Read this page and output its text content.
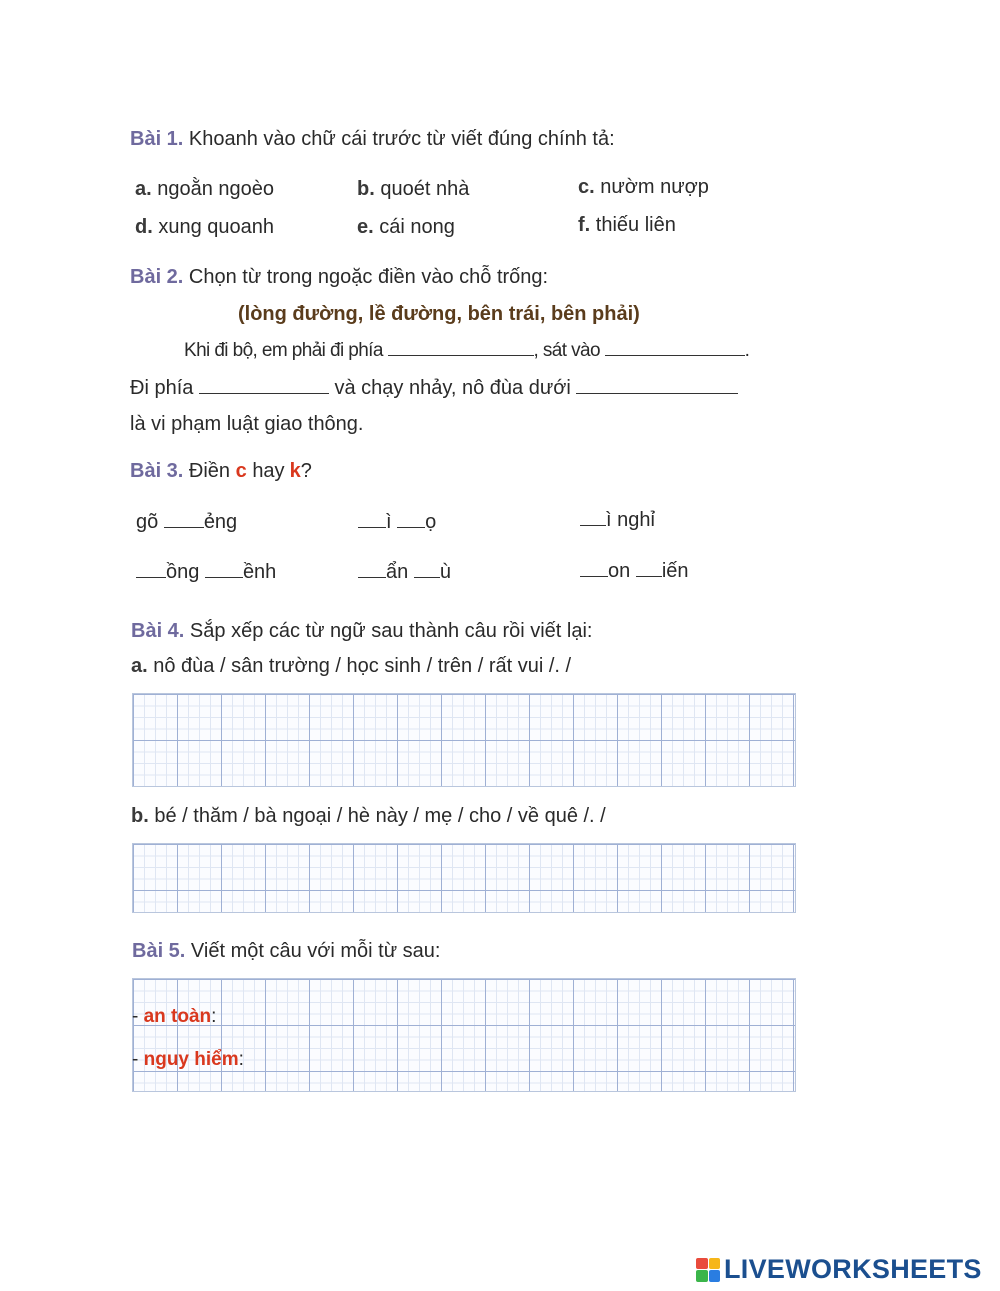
Bài 1. Khoanh vào chữ cái trước từ viết đúng chính tả:
a. ngoằn ngoèo	b. quoét nhà	c. nườm nượp
d. xung quoanh	e. cái nong	f. thiếu liên
Bài 2. Chọn từ trong ngoặc điền vào chỗ trống:
(lòng đường, lề đường, bên trái, bên phải)
Khi đi bộ, em phải đi phía	, sát vào	.
Đi phía	và chạy nhảy, nô đùa dưới
là vi phạm luật giao thông.
Bài 3. Điền c hay k?
gõ ẻng	ì ọ	ì nghỉ
ồng ềnh	ẩn ù	on iến
Bài 4. Sắp xếp các từ ngữ sau thành câu rồi viết lại:
a. nô đùa / sân trường / học sinh / trên / rất vui /. /
b. bé / thăm / bà ngoại / hè này / mẹ / cho / về quê /. /
Bài 5. Viết một câu với mỗi từ sau:
- an toàn:
- nguy hiểm:
LIVEWORKSHEETS
